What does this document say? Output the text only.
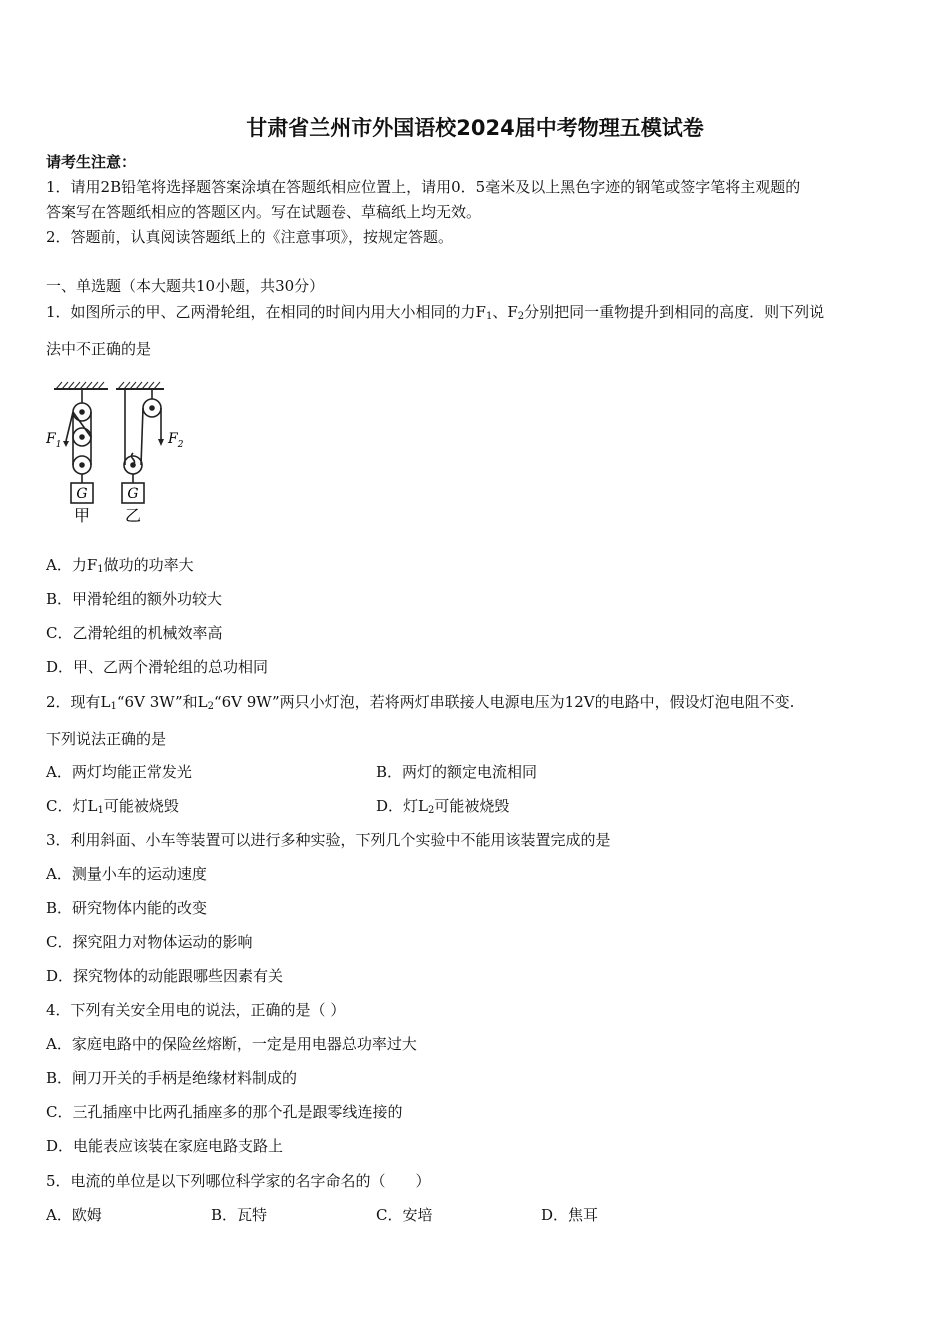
甘肃省兰州市外国语校2024届中考物理五模试卷
请考生注意：
1．请用2B铅笔将选择题答案涂填在答题纸相应位置上，请用0．5毫米及以上黑色字迹的钢笔或签字笔将主观题的
答案写在答题纸相应的答题区内。写在试题卷、草稿纸上均无效。
2．答题前，认真阅读答题纸上的《注意事项》，按规定答题。
一、单选题（本大题共10小题，共30分）
1．如图所示的甲、乙两滑轮组，在相同的时间内用大小相同的力$F_1$、$F_2$分别把同一重物提升到相同的高度．则下列说
法中不正确的是
$F_1$
G
甲
$F_2$
G
乙
A．力$F_1$做功的功率大
B．甲滑轮组的额外功较大
C．乙滑轮组的机械效率高
D．甲、乙两个滑轮组的总功相同
2．现有$L_1“6V$ 3W”和$L_2“6V$ 9W”两只小灯泡，若将两灯串联接人电源电压为12V的电路中，假设灯泡电阻不变.
下列说法正确的是
A．两灯均能正常发光	B．两灯的额定电流相同
C．灯$L_1$可能被烧毁	D．灯$L_2$可能被烧毁
3．利用斜面、小车等装置可以进行多种实验，下列几个实验中不能用该装置完成的是
A．测量小车的运动速度
B．研究物体内能的改变
C．探究阻力对物体运动的影响
D．探究物体的动能跟哪些因素有关
4．下列有关安全用电的说法，正确的是（ ）
A．家庭电路中的保险丝熔断，一定是用电器总功率过大
B．闸刀开关的手柄是绝缘材料制成的
C．三孔插座中比两孔插座多的那个孔是跟零线连接的
D．电能表应该装在家庭电路支路上
5．电流的单位是以下列哪位科学家的名字命名的（　　）
A．欧姆	B．瓦特	C．安培	D．焦耳
